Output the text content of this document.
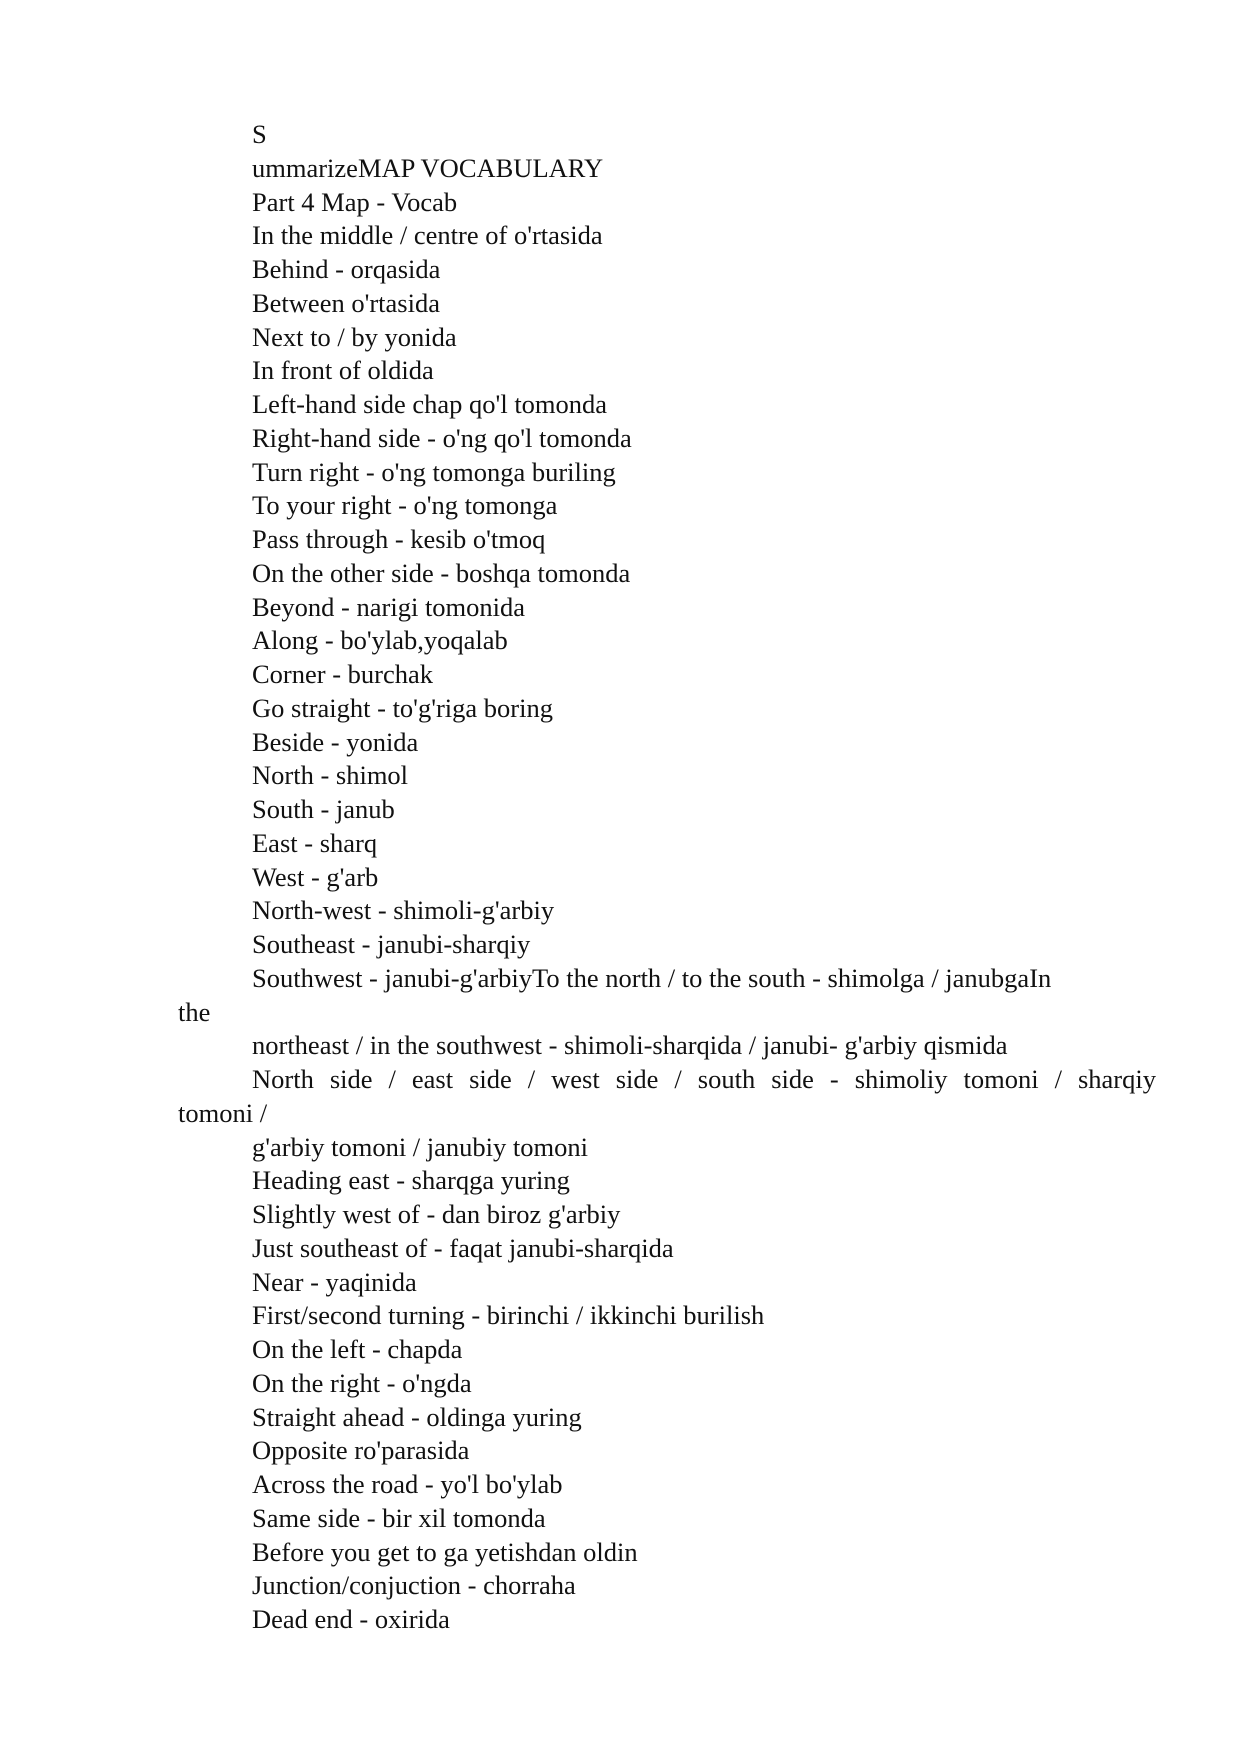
S
ummarizeMAP VOCABULARY
Part 4 Map - Vocab
In the middle / centre of o'rtasida
Behind - orqasida
Between o'rtasida
Next to / by yonida
In front of oldida
Left-hand side chap qo'l tomonda
Right-hand side - o'ng qo'l tomonda
Turn right - o'ng tomonga buriling
To your right - o'ng tomonga
Pass through - kesib o'tmoq
On the other side - boshqa tomonda
Beyond - narigi tomonida
Along - bo'ylab,yoqalab
Corner - burchak
Go straight - to'g'riga boring
Beside - yonida
North - shimol
South - janub
East - sharq
West - g'arb
North-west - shimoli-g'arbiy
Southeast - janubi-sharqiy
Southwest - janubi-g'arbiyTo the north / to the south - shimolga / janubgaIn
the
northeast / in the southwest - shimoli-sharqida / janubi- g'arbiy qismida
North side / east side / west side / south side - shimoliy tomoni / sharqiy
tomoni /
g'arbiy tomoni / janubiy tomoni
Heading east - sharqga yuring
Slightly west of - dan biroz g'arbiy
Just southeast of - faqat janubi-sharqida
Near - yaqinida
First/second turning - birinchi / ikkinchi burilish
On the left - chapda
On the right - o'ngda
Straight ahead - oldinga yuring
Opposite ro'parasida
Across the road - yo'l bo'ylab
Same side - bir xil tomonda
Before you get to ga yetishdan oldin
Junction/conjuction - chorraha
Dead end - oxirida
